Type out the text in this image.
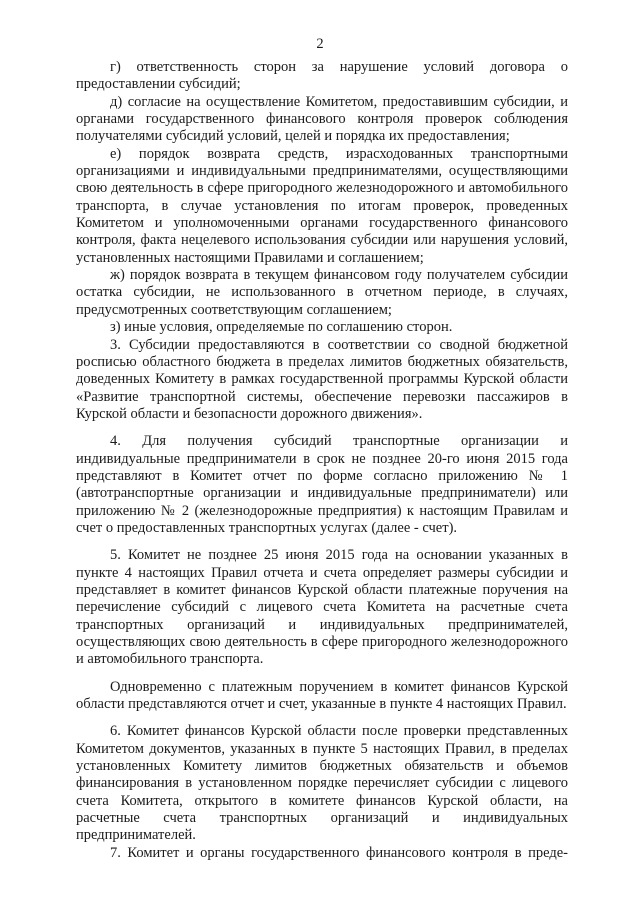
2

г) ответственность сторон за нарушение условий договора о предоставлении субсидий;

д) согласие на осуществление Комитетом, предоставившим субсидии, и органами государственного финансового контроля проверок соблюдения получателями субсидий условий, целей и порядка их предоставления;

е) порядок возврата средств, израсходованных транспортными организациями и индивидуальными предпринимателями, осуществляющими свою деятельность в сфере пригородного железнодорожного и автомобильного транспорта, в случае установления по итогам проверок, проведенных Комитетом и уполномоченными органами государственного финансового контроля, факта нецелевого использования субсидии или нарушения условий, установленных настоящими Правилами и соглашением;

ж) порядок возврата в текущем финансовом году получателем субсидии остатка субсидии, не использованного в отчетном периоде, в случаях, предусмотренных соответствующим соглашением;

з) иные условия, определяемые по соглашению сторон.

3. Субсидии предоставляются в соответствии со сводной бюджетной росписью областного бюджета в пределах лимитов бюджетных обязательств, доведенных Комитету в рамках государственной программы Курской области «Развитие транспортной системы, обеспечение перевозки пассажиров в Курской области и безопасности дорожного движения».

4. Для получения субсидий транспортные организации и индивидуальные предприниматели в срок не позднее 20-го июня 2015 года представляют в Комитет отчет по форме согласно приложению № 1 (автотранспортные организации и индивидуальные предприниматели) или приложению № 2 (железнодорожные предприятия) к настоящим Правилам и счет о предоставленных транспортных услугах (далее - счет).

5. Комитет не позднее 25 июня 2015 года на основании указанных в пункте 4 настоящих Правил отчета и счета определяет размеры субсидии и представляет в комитет финансов Курской области платежные поручения на перечисление субсидий с лицевого счета Комитета на расчетные счета транспортных организаций и индивидуальных предпринимателей, осуществляющих свою деятельность в сфере пригородного железнодорожного и автомобильного транспорта.

Одновременно с платежным поручением в комитет финансов Курской области представляются отчет и счет, указанные в пункте 4 настоящих Правил.

6. Комитет финансов Курской области после проверки представленных Комитетом документов, указанных в пункте 5 настоящих Правил, в пределах установленных Комитету лимитов бюджетных обязательств и объемов финансирования в установленном порядке перечисляет субсидии с лицевого счета Комитета, открытого в комитете финансов Курской области, на расчетные счета транспортных организаций и индивидуальных предпринимателей.

7. Комитет и органы государственного финансового контроля в преде-
